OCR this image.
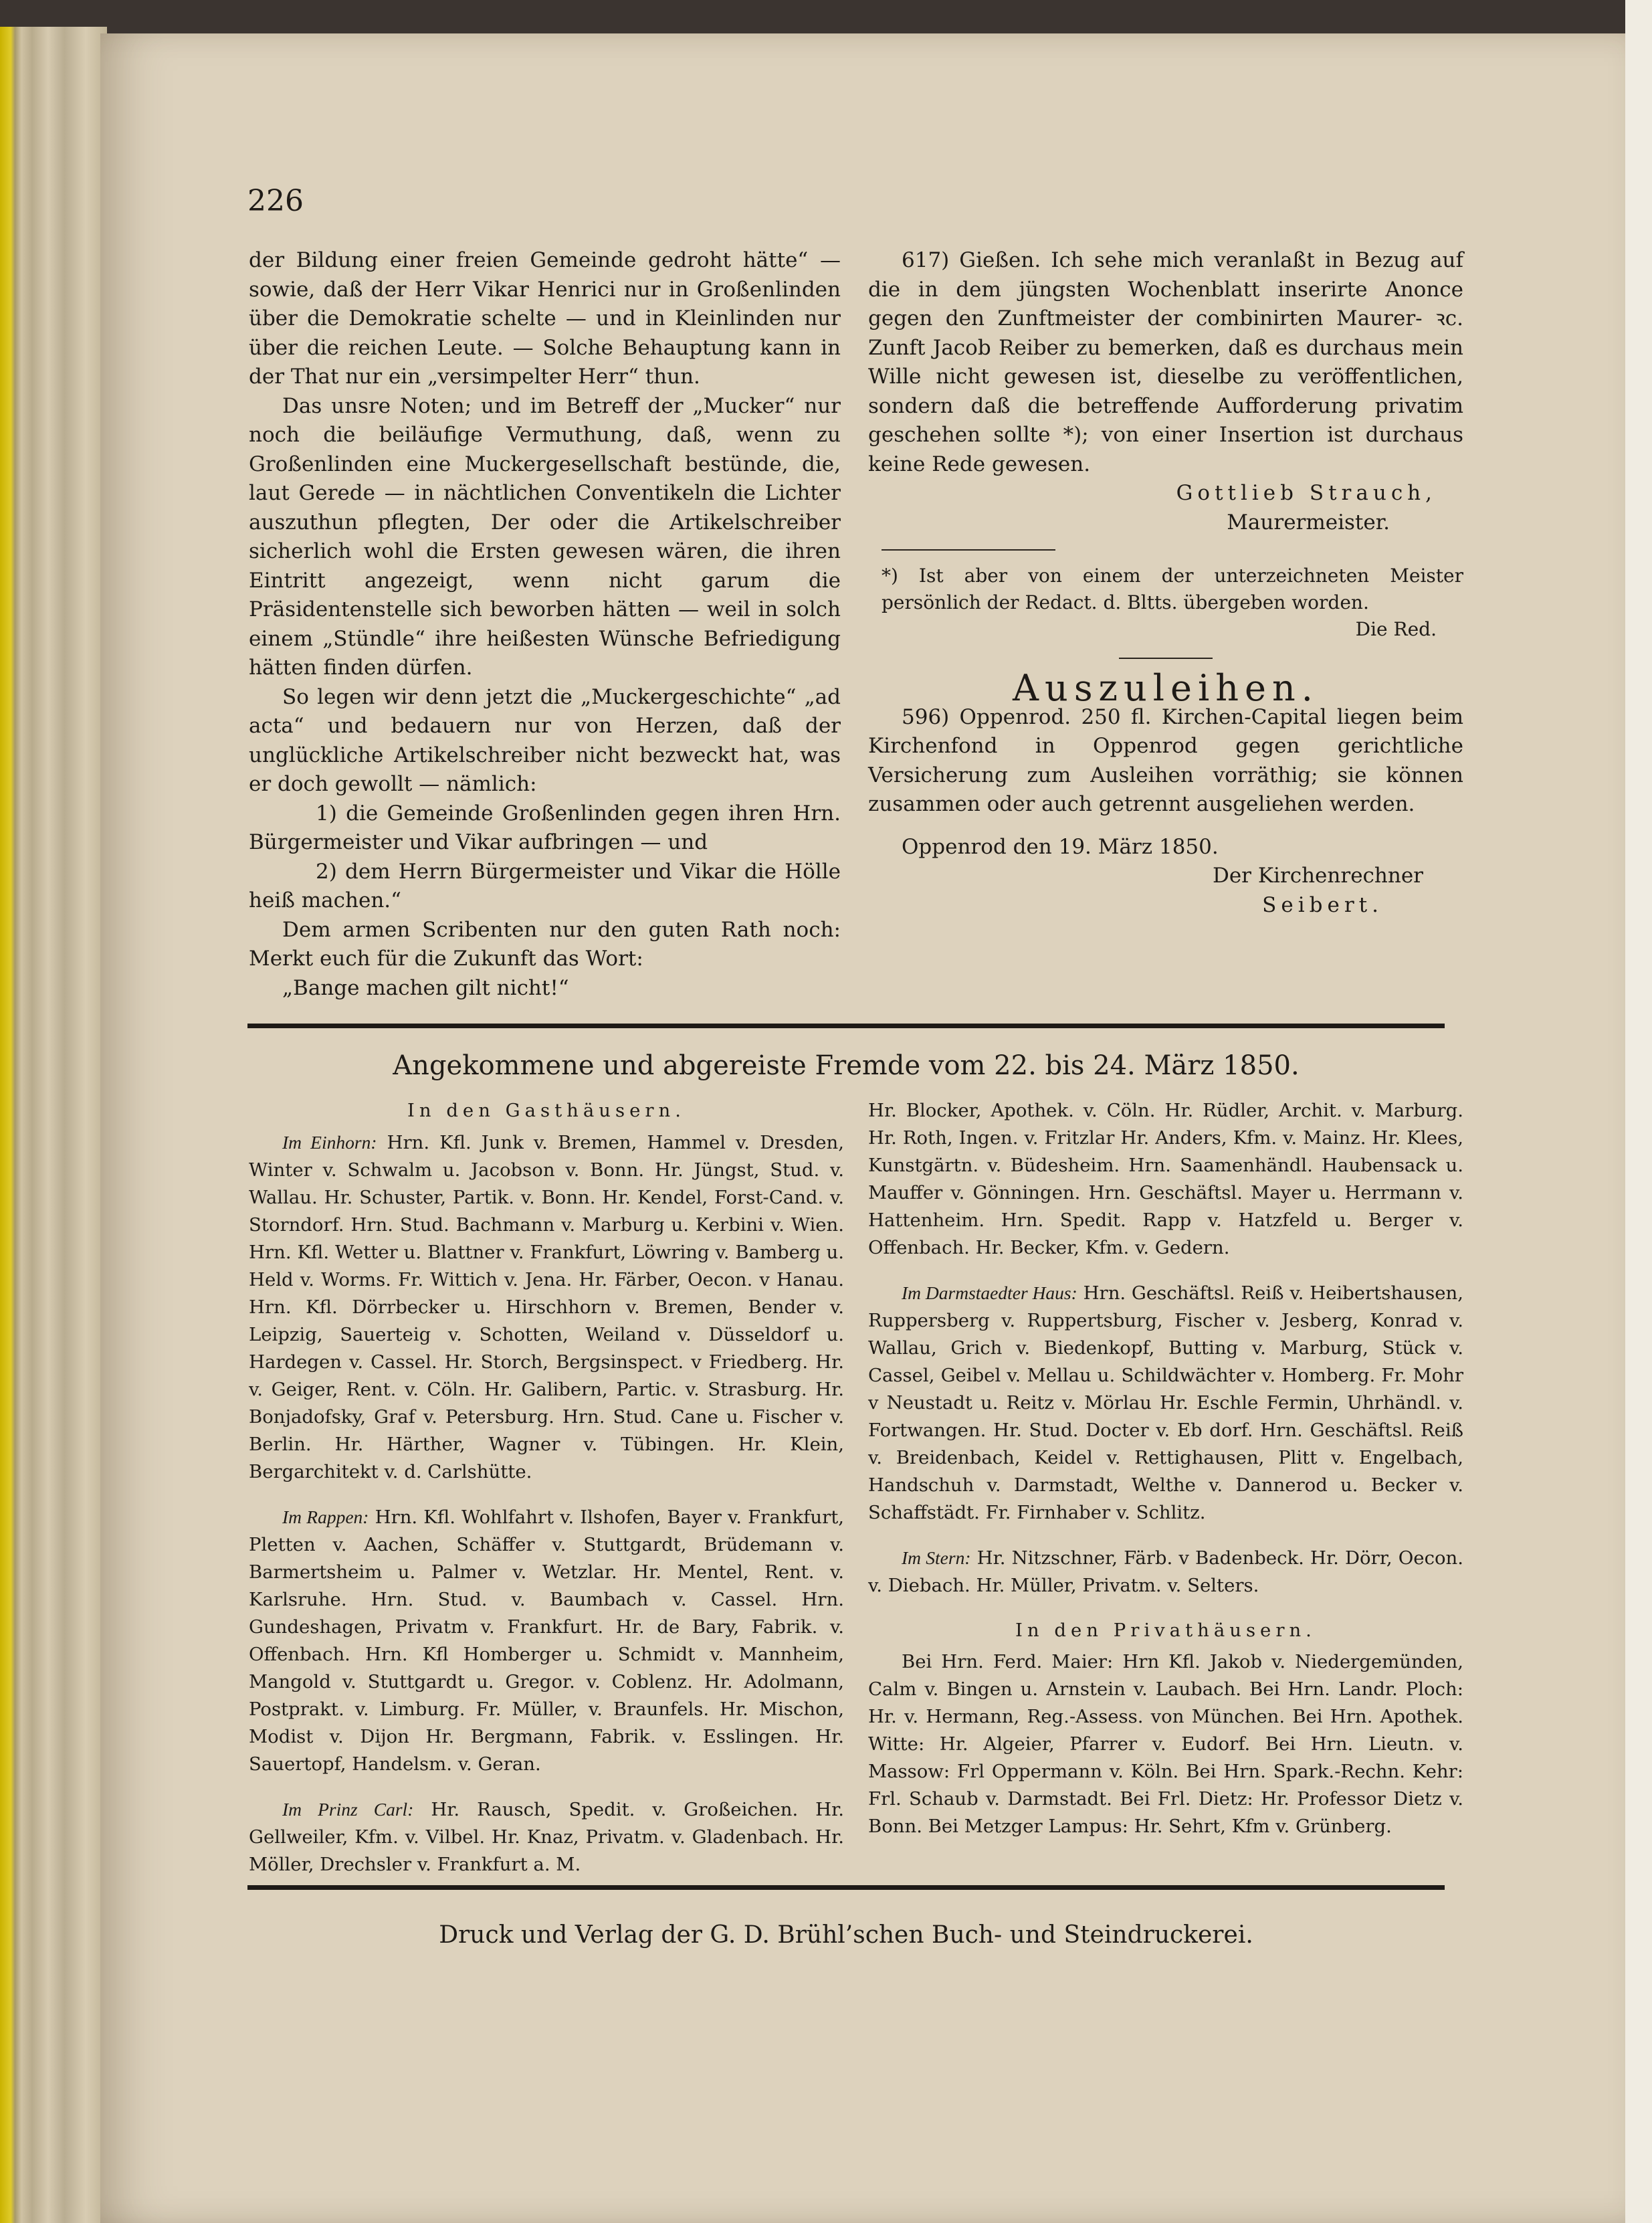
226

der Bildung einer freien Gemeinde gedroht hätte“ — sowie, daß der Herr Vikar Henrici nur in Großenlinden über die Demokratie schelte — und in Kleinlinden nur über die reichen Leute. — Solche Behauptung kann in der That nur ein „versimpelter Herr“ thun.

Das unsre Noten; und im Betreff der „Mucker“ nur noch die beiläufige Vermuthung, daß, wenn zu Großenlinden eine Muckergesellschaft bestünde, die, laut Gerede — in nächtlichen Conventikeln die Lichter auszuthun pflegten, Der oder die Artikelschreiber sicherlich wohl die Ersten gewesen wären, die ihren Eintritt angezeigt, wenn nicht garum die Präsidentenstelle sich beworben hätten — weil in solch einem „Stündle“ ihre heißesten Wünsche Befriedigung hätten finden dürfen.

So legen wir denn jetzt die „Muckergeschichte“ „ad acta“ und bedauern nur von Herzen, daß der unglückliche Artikelschreiber nicht bezweckt hat, was er doch gewollt — nämlich:

1) die Gemeinde Großenlinden gegen ihren Hrn. Bürgermeister und Vikar aufbringen — und

2) dem Herrn Bürgermeister und Vikar die Hölle heiß machen.“

Dem armen Scribenten nur den guten Rath noch: Merkt euch für die Zukunft das Wort:

„Bange machen gilt nicht!“

617) Gießen. Ich sehe mich veranlaßt in Bezug auf die in dem jüngsten Wochenblatt inserirte Anonce gegen den Zunftmeister der combinirten Maurer- ꝛc. Zunft Jacob Reiber zu bemerken, daß es durchaus mein Wille nicht gewesen ist, dieselbe zu veröffentlichen, sondern daß die betreffende Aufforderung privatim geschehen sollte *); von einer Insertion ist durchaus keine Rede gewesen.

Gottlieb Strauch,

Maurermeister.

*) Ist aber von einem der unterzeichneten Meister persönlich der Redact. d. Bltts. übergeben worden.

Die Red.

Auszuleihen.

596) Oppenrod. 250 fl. Kirchen-Capital liegen beim Kirchenfond in Oppenrod gegen gerichtliche Versicherung zum Ausleihen vorräthig; sie können zusammen oder auch getrennt ausgeliehen werden.

Oppenrod den 19. März 1850.

Der Kirchenrechner

Seibert.

Angekommene und abgereiste Fremde vom 22. bis 24. März 1850.

In den Gasthäusern.

Im Einhorn: Hrn. Kfl. Junk v. Bremen, Hammel v. Dresden, Winter v. Schwalm u. Jacobson v. Bonn. Hr. Jüngst, Stud. v. Wallau. Hr. Schuster, Partik. v. Bonn. Hr. Kendel, Forst-Cand. v. Storndorf. Hrn. Stud. Bachmann v. Marburg u. Kerbini v. Wien. Hrn. Kfl. Wetter u. Blattner v. Frankfurt, Löwring v. Bamberg u. Held v. Worms. Fr. Wittich v. Jena. Hr. Färber, Oecon. v Hanau. Hrn. Kfl. Dörrbecker u. Hirschhorn v. Bremen, Bender v. Leipzig, Sauerteig v. Schotten, Weiland v. Düsseldorf u. Hardegen v. Cassel. Hr. Storch, Bergsinspect. v Friedberg. Hr. v. Geiger, Rent. v. Cöln. Hr. Galibern, Partic. v. Strasburg. Hr. Bonjadofsky, Graf v. Petersburg. Hrn. Stud. Cane u. Fischer v. Berlin. Hr. Härther, Wagner v. Tübingen. Hr. Klein, Bergarchitekt v. d. Carlshütte.

Im Rappen: Hrn. Kfl. Wohlfahrt v. Ilshofen, Bayer v. Frankfurt, Pletten v. Aachen, Schäffer v. Stuttgardt, Brüdemann v. Barmertsheim u. Palmer v. Wetzlar. Hr. Mentel, Rent. v. Karlsruhe. Hrn. Stud. v. Baumbach v. Cassel. Hrn. Gundeshagen, Privatm v. Frankfurt. Hr. de Bary, Fabrik. v. Offenbach. Hrn. Kfl Homberger u. Schmidt v. Mannheim, Mangold v. Stuttgardt u. Gregor. v. Coblenz. Hr. Adolmann, Postprakt. v. Limburg. Fr. Müller, v. Braunfels. Hr. Mischon, Modist v. Dijon Hr. Bergmann, Fabrik. v. Esslingen. Hr. Sauertopf, Handelsm. v. Geran.

Im Prinz Carl: Hr. Rausch, Spedit. v. Großeichen. Hr. Gellweiler, Kfm. v. Vilbel. Hr. Knaz, Privatm. v. Gladenbach. Hr. Möller, Drechsler v. Frankfurt a. M.

Hr. Blocker, Apothek. v. Cöln. Hr. Rüdler, Archit. v. Marburg. Hr. Roth, Ingen. v. Fritzlar Hr. Anders, Kfm. v. Mainz. Hr. Klees, Kunstgärtn. v. Büdesheim. Hrn. Saamenhändl. Haubensack u. Mauffer v. Gönningen. Hrn. Geschäftsl. Mayer u. Herrmann v. Hattenheim. Hrn. Spedit. Rapp v. Hatzfeld u. Berger v. Offenbach. Hr. Becker, Kfm. v. Gedern.

Im Darmstaedter Haus: Hrn. Geschäftsl. Reiß v. Heibertshausen, Ruppersberg v. Ruppertsburg, Fischer v. Jesberg, Konrad v. Wallau, Grich v. Biedenkopf, Butting v. Marburg, Stück v. Cassel, Geibel v. Mellau u. Schildwächter v. Homberg. Fr. Mohr v Neustadt u. Reitz v. Mörlau Hr. Eschle Fermin, Uhrhändl. v. Fortwangen. Hr. Stud. Docter v. Eb dorf. Hrn. Geschäftsl. Reiß v. Breidenbach, Keidel v. Rettighausen, Plitt v. Engelbach, Handschuh v. Darmstadt, Welthe v. Dannerod u. Becker v. Schaffstädt. Fr. Firnhaber v. Schlitz.

Im Stern: Hr. Nitzschner, Färb. v Badenbeck. Hr. Dörr, Oecon. v. Diebach. Hr. Müller, Privatm. v. Selters.

In den Privathäusern.

Bei Hrn. Ferd. Maier: Hrn Kfl. Jakob v. Niedergemünden, Calm v. Bingen u. Arnstein v. Laubach. Bei Hrn. Landr. Ploch: Hr. v. Hermann, Reg.-Assess. von München. Bei Hrn. Apothek. Witte: Hr. Algeier, Pfarrer v. Eudorf. Bei Hrn. Lieutn. v. Massow: Frl Oppermann v. Köln. Bei Hrn. Spark.-Rechn. Kehr: Frl. Schaub v. Darmstadt. Bei Frl. Dietz: Hr. Professor Dietz v. Bonn. Bei Metzger Lampus: Hr. Sehrt, Kfm v. Grünberg.

Druck und Verlag der G. D. Brühl’schen Buch- und Steindruckerei.
